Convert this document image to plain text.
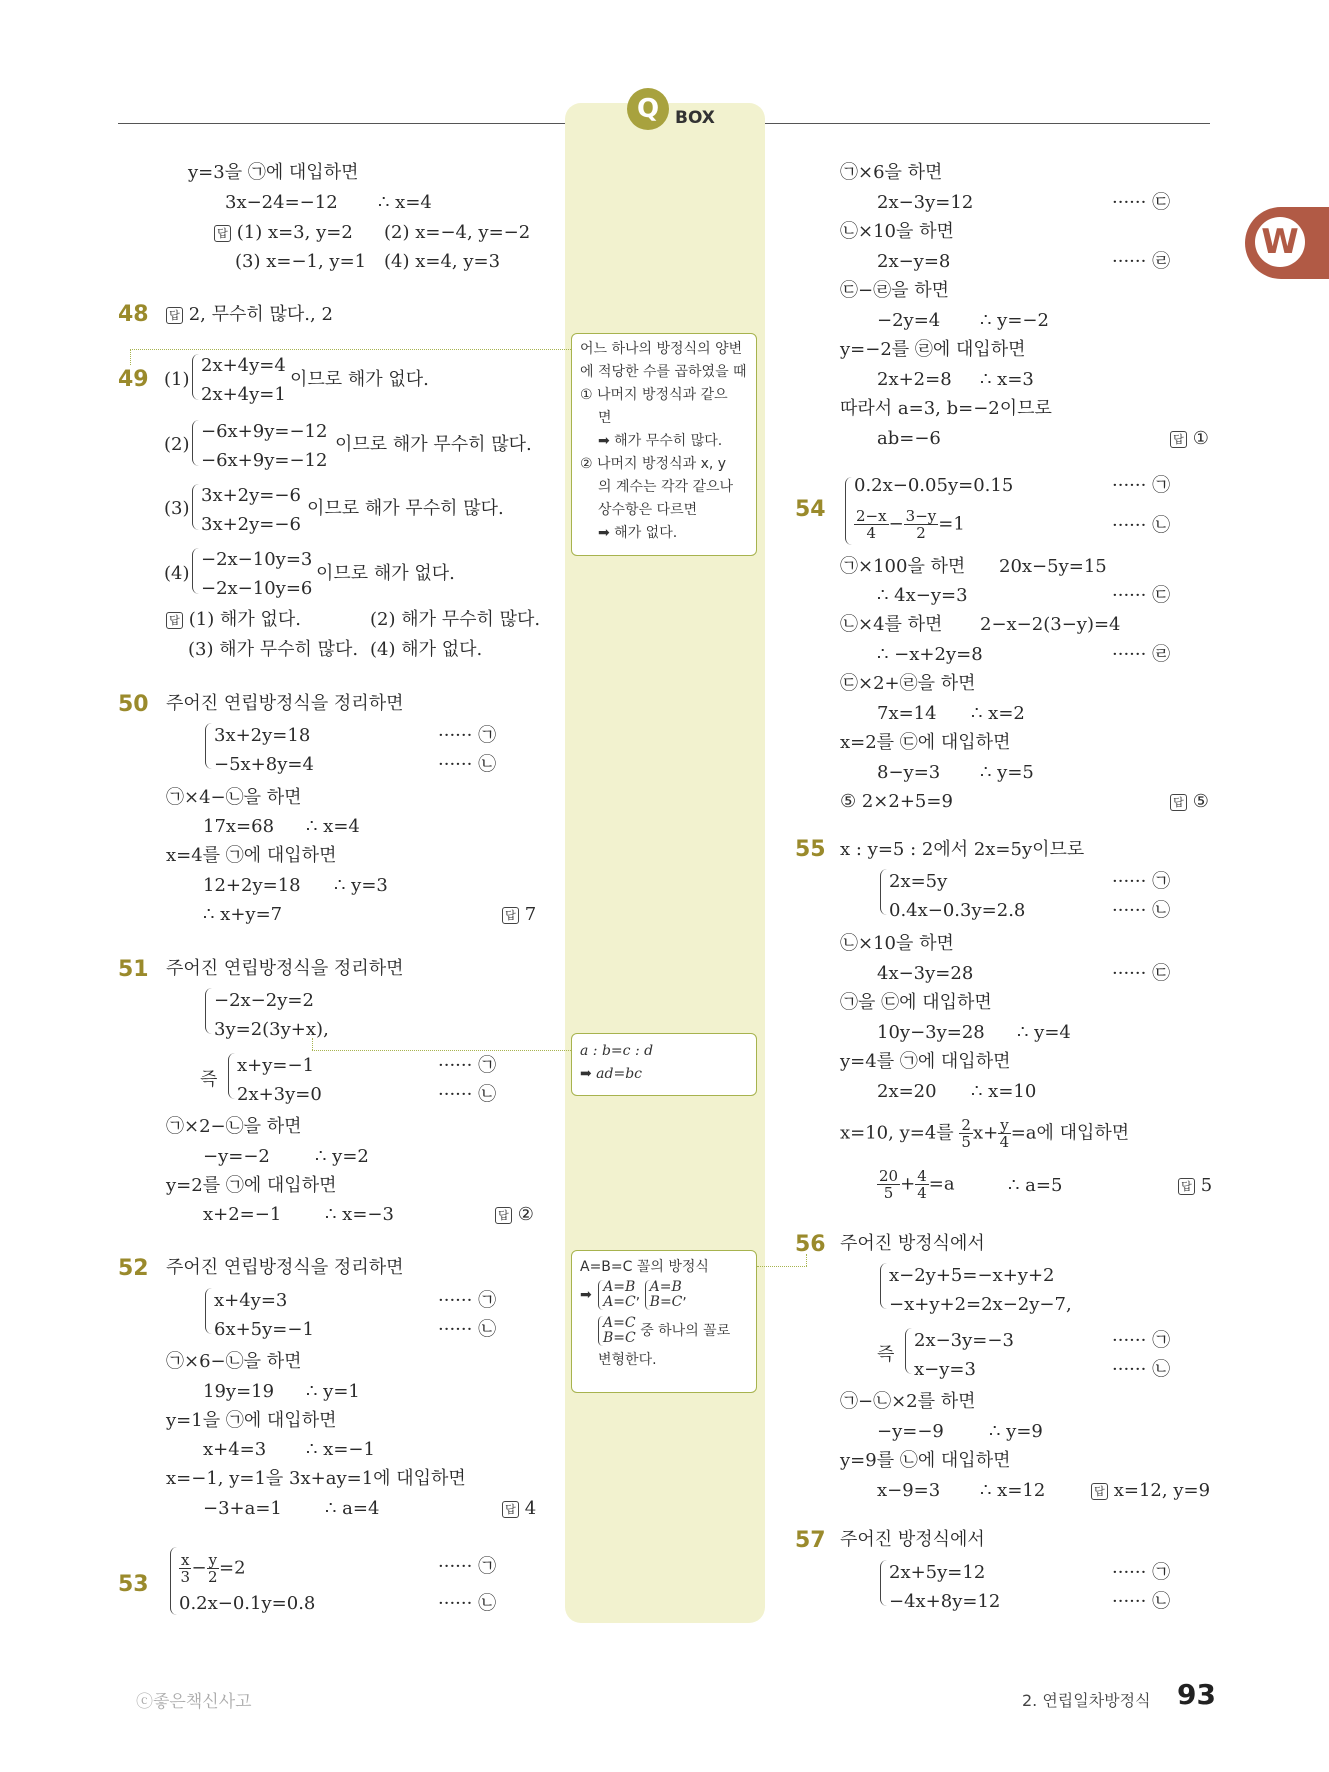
Q BOX
W
y=3을 ㉠에 대입하면
3x−24=−12 ∴ x=4
답 (1) x=3, y=2 (2) x=−4, y=−2
(3) x=−1, y=1 (4) x=4, y=3
48 답 2, 무수히 많다., 2
49 (1)
2x+4y=4
2x+4y=1
이므로 해가 없다.
(2)
−6x+9y=−12
−6x+9y=−12
이므로 해가 무수히 많다.
(3)
3x+2y=−6
3x+2y=−6
이므로 해가 무수히 많다.
(4)
−2x−10y=3
−2x−10y=6
이므로 해가 없다.
답 (1) 해가 없다.	(2) 해가 무수히 많다.
(3) 해가 무수히 많다. (4) 해가 없다.
50 주어진 연립방정식을 정리하면
3x+2y=18
−5x+8y=4
······ ㉠
······ ㉡
㉠×4−㉡을 하면
17x=68 ∴ x=4
x=4를 ㉠에 대입하면
12+2y=18 ∴ y=3
∴ x+y=7	답 7
51 주어진 연립방정식을 정리하면
−2x−2y=2
3y=2(3y+x),
즉
x+y=−1
2x+3y=0
······ ㉠
······ ㉡
㉠×2−㉡을 하면
−y=−2	∴ y=2
y=2를 ㉠에 대입하면
x+2=−1 ∴ x=−3	답 ②
52 주어진 연립방정식을 정리하면
x+4y=3
6x+5y=−1
······ ㉠
······ ㉡
㉠×6−㉡을 하면
19y=19 ∴ y=1
y=1을 ㉠에 대입하면
x+4=3 ∴ x=−1
x=−1, y=1을 3x+ay=1에 대입하면
−3+a=1 ∴ a=4	답 4
$53 \frac{x}{3}- \frac{y}{2}=2$
0.2x−0.1y=0.8
······ ㉠
······ ㉡
어느 하나의 방정식의 양변
에 적당한 수를 곱하였을 때
① 나머지 방정식과 같으
면
➡ 해가 무수히 많다.
② 나머지 방정식과 x, y
의 계수는 각각 같으나
상수항은 다르면
➡ 해가 없다.
a : b=c : d
➡ ad=bc
A=B=C 꼴의 방정식
➡ A=B
A=C, A=B
B=C,
A=C
B=C 중 하나의 꼴로
변형한다.
㉠×6을 하면
2x−3y=12	······ ㉢
㉡×10을 하면
2x−y=8	······ ㉣
㉢−㉣을 하면
−2y=4 ∴ y=−2
y=−2를 ㉣에 대입하면
2x+2=8 ∴ x=3
따라서 a=3, b=−2이므로
ab=−6	답 ①
54
0.2x−0.05y=0.15
$\frac{2-x}{4}- \frac{3-y}{2}=1$
······ ㉠
······ ㉡
㉠×100을 하면 20x−5y=15
∴ 4x−y=3	······ ㉢
㉡×4를 하면 2−x−2(3−y)=4
∴ −x+2y=8	······ ㉣
㉢×2+㉣을 하면
7x=14 ∴ x=2
x=2를 ㉢에 대입하면
8−y=3 ∴ y=5
⑤ 2×2+5=9	답 ⑤
55 x : y=5 : 2에서 2x=5y이므로
2x=5y
0.4x−0.3y=2.8
······ ㉠
······ ㉡
㉡×10을 하면
4x−3y=28	······ ㉢
㉠을 ㉢에 대입하면
10y−3y=28 ∴ y=4
y=4를 ㉠에 대입하면
2x=20 ∴ x=10
x=10, y=4를 $\frac{2}{5}x+ \frac{y}{4}=a$에 대입하면
$\frac{20}{5}+ \frac{4}{4}=a$	∴ a=5	답 5
56 주어진 방정식에서
x−2y+5=−x+y+2
−x+y+2=2x−2y−7,
즉
2x−3y=−3
x−y=3
······ ㉠
······ ㉡
㉠−㉡×2를 하면
−y=−9	∴ y=9
y=9를 ㉡에 대입하면
x−9=3 ∴ x=12	답 x=12, y=9
57 주어진 방정식에서
2x+5y=12
−4x+8y=12
······ ㉠
······ ㉡
ⓒ좋은책신사고	2. 연립일차방정식 93
